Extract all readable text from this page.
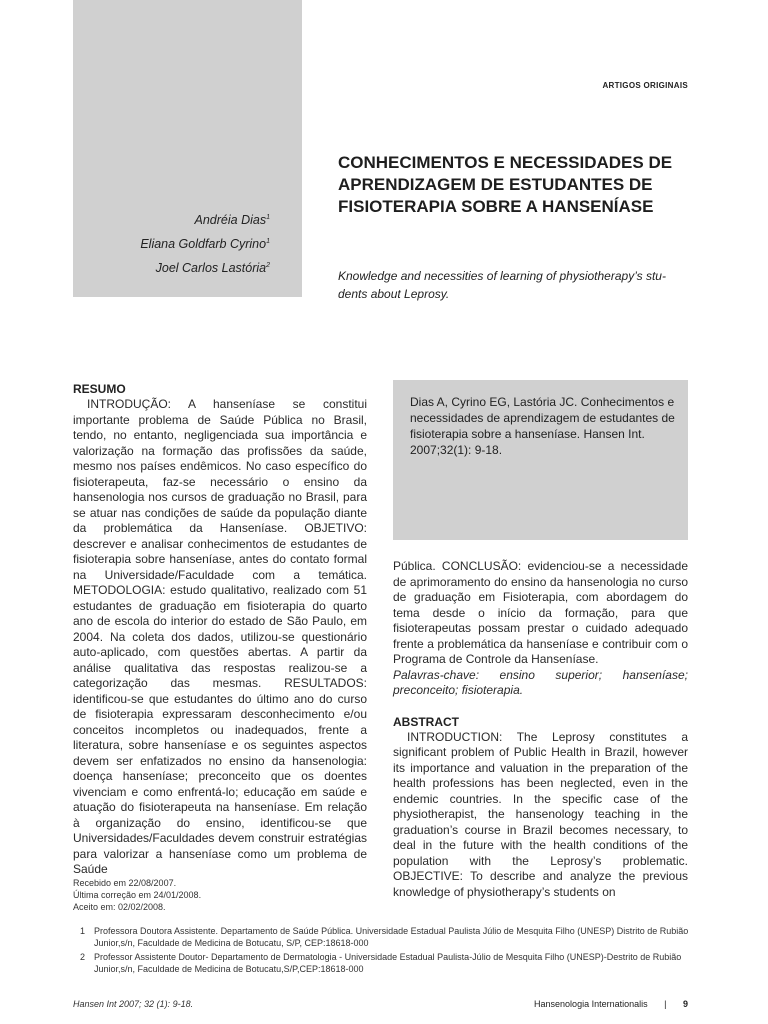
Andréia Dias$^1$
Eliana Goldfarb Cyrino$^1$
Joel Carlos Lastória$^2$
ARTIGOS ORIGINAIS
CONHECIMENTOS E NECESSIDADES DE
APRENDIZAGEM DE ESTUDANTES DE
FISIOTERAPIA SOBRE A HANSENÍASE
Knowledge and necessities of learning of physiotherapy’s stu-
dents about Leprosy.
RESUMO

INTRODUÇÃO: A hanseníase se constitui importante problema de Saúde Pública no Brasil, tendo, no entanto, negligenciada sua importância e valorização na formação das profissões da saúde, mesmo nos países endêmicos. No caso específico do fisioterapeuta, faz-se necessário o ensino da hansenologia nos cursos de graduação no Brasil, para se atuar nas condições de saúde da população diante da problemática da Hanseníase. OBJETIVO: descrever e analisar conhecimentos de estudantes de fisioterapia sobre hanseníase, antes do contato formal na Universidade/Faculdade com a temática. METODOLOGIA: estudo qualitativo, realizado com 51 estudantes de graduação em fisioterapia do quarto ano de escola do interior do estado de São Paulo, em 2004. Na coleta dos dados, utilizou-se questionário auto-aplicado, com questões abertas. A partir da análise qualitativa das respostas realizou-se a categorização das mesmas. RESULTADOS: identificou-se que estudantes do último ano do curso de fisioterapia expressaram desconhecimento e/ou conceitos incompletos ou inadequados, frente a literatura, sobre hanseníase e os seguintes aspectos devem ser enfatizados no ensino da hansenologia: doença hanseníase; preconceito que os doentes vivenciam e como enfrentá-lo; educação em saúde e atuação do fisioterapeuta na hanseníase. Em relação à organização do ensino, identificou-se que Universidades/Faculdades devem construir estratégias para valorizar a hanseníase como um problema de Saúde

Dias A, Cyrino EG, Lastória JC. Conhecimentos e necessidades de aprendizagem de estudantes de fisioterapia sobre a hanseníase. Hansen Int. 2007;32(1): 9-18.

Pública. CONCLUSÃO: evidenciou-se a necessidade de aprimoramento do ensino da hansenologia no curso de graduação em Fisioterapia, com abordagem do tema desde o início da formação, para que fisioterapeutas possam prestar o cuidado adequado frente a problemática da hanseníase e contribuir com o Programa de Controle da Hanseníase.

Palavras-chave: ensino superior; hanseníase; preconceito; fisioterapia.

ABSTRACT

INTRODUCTION: The Leprosy constitutes a significant problem of Public Health in Brazil, however its importance and valuation in the preparation of the health professions has been neglected, even in the endemic countries. In the specific case of the physiotherapist, the hansenology teaching in the graduation’s course in Brazil becomes necessary, to deal in the future with the health conditions of the population with the Leprosy’s problematic. OBJECTIVE: To describe and analyze the previous knowledge of physiotherapy’s students on

Recebido em 22/08/2007.
Última correção em 24/01/2008.
Aceito em: 02/02/2008.
1 Professora Doutora Assistente. Departamento de Saúde Pública. Universidade Estadual Paulista Júlio de Mesquita Filho (UNESP) Distrito de Rubião Junior,s/n, Faculdade de Medicina de Botucatu, S/P, CEP:18618-000
2 Professor Assistente Doutor- Departamento de Dermatologia - Universidade Estadual Paulista-Júlio de Mesquita Filho (UNESP)-Destrito de Rubião Junior,s/n, Faculdade de Medicina de Botucatu,S/P,CEP:18618-000
Hansen Int 2007; 32 (1): 9-18.	Hansenologia Internationalis | 9
